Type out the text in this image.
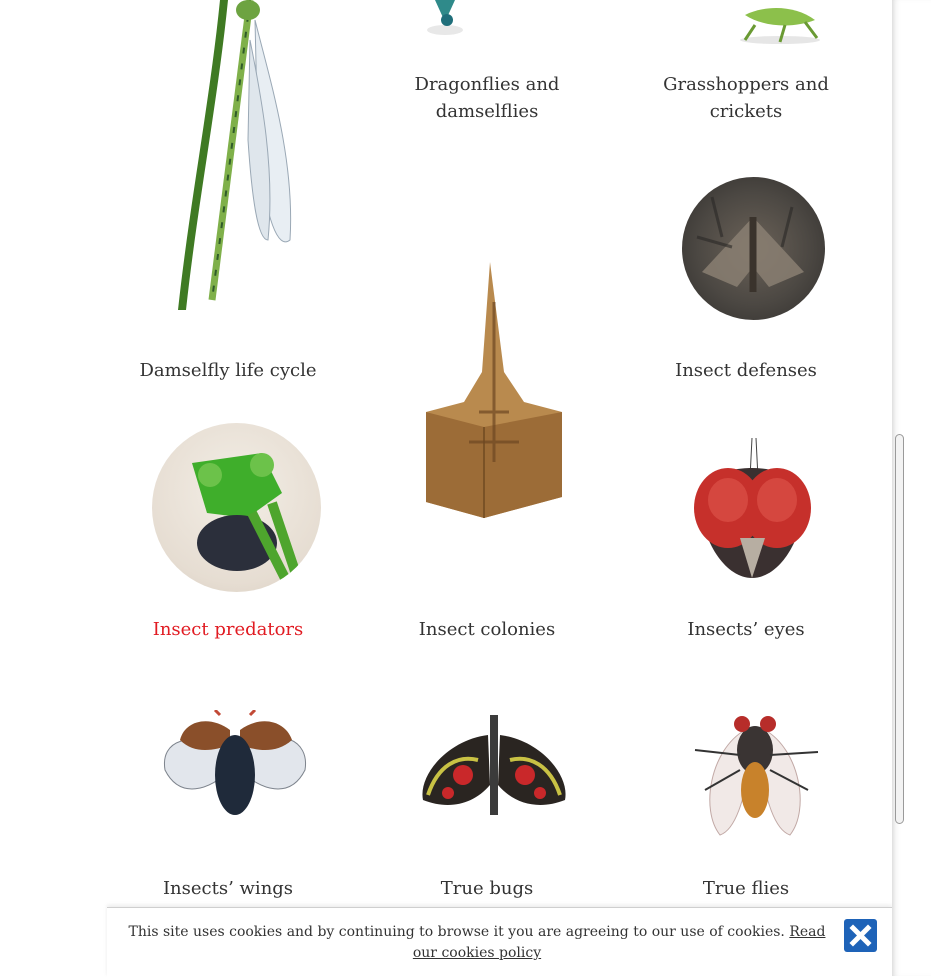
Dragonflies and damselflies
Grasshoppers and crickets
Damselfly life cycle	Insect defenses
Insect predators	Insect colonies	Insects’ eyes
Insects’ wings	True bugs	True flies
This site uses cookies and by continuing to browse it you are agreeing to our use of cookies. Read our cookies policy
